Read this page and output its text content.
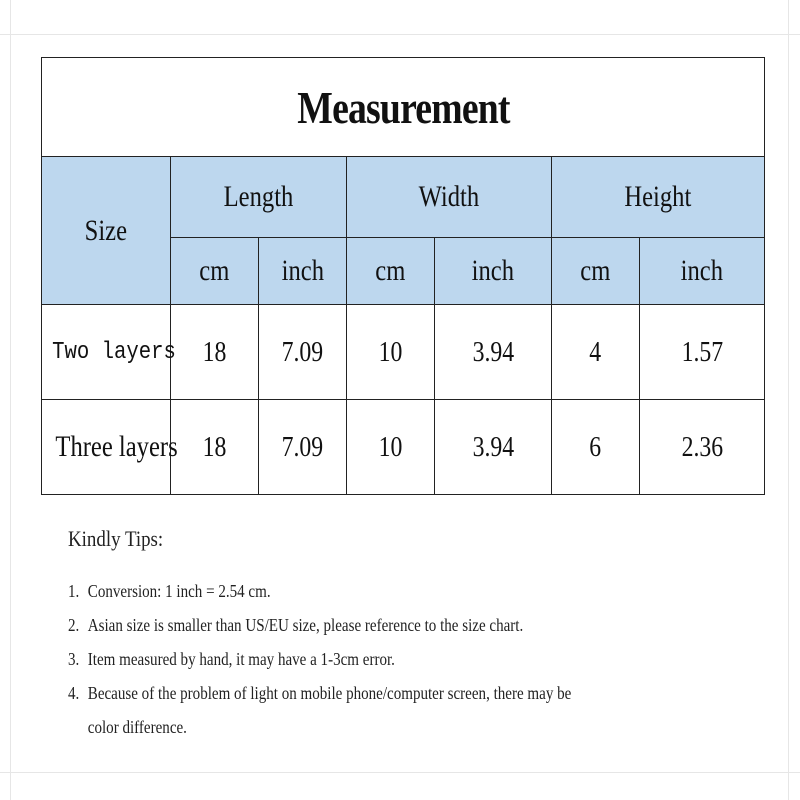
Measurement						
Size	Length		Width		Height	
	cm	inch	cm	inch	cm	inch
Two layers	18	7.09	10	3.94	4	1.57
Three layers	18	7.09	10	3.94	6	2.36
Kindly Tips:
1. Conversion: 1 inch = 2.54 cm.
2. Asian size is smaller than US/EU size, please reference to the size chart.
3. Item measured by hand, it may have a 1-3cm error.
4. Because of the problem of light on mobile phone/computer screen, there may be color difference.
